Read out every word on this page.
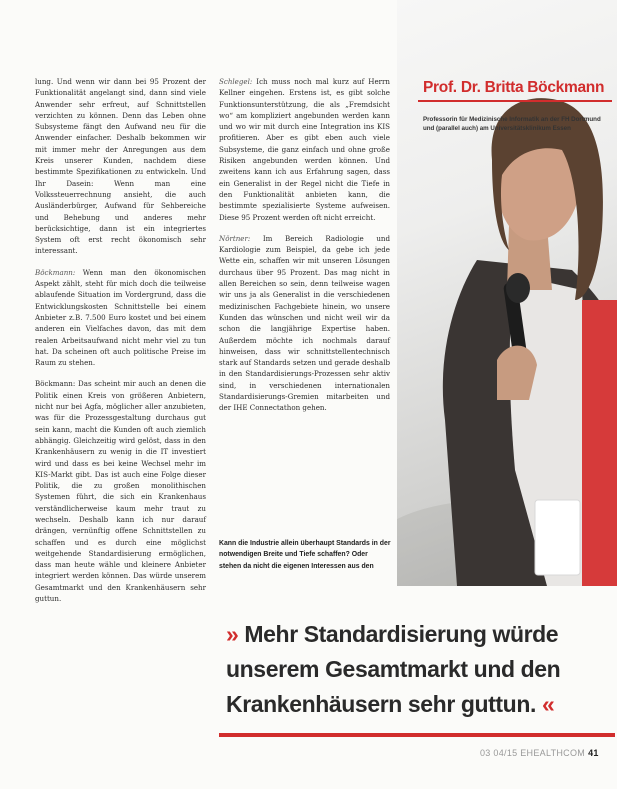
Prof. Dr. Britta Böckmann
Professorin für Medizinische Informatik an der FH Dortmund und (parallel auch) am Universitätsklinikum Essen

lung. Und wenn wir dann bei 95 Prozent der Funktionalität angelangt sind, dann sind viele Anwender sehr erfreut, auf Schnittstellen verzichten zu können. Denn das Leben ohne Subsysteme fängt den Aufwand neu für die Anwender einfacher. Deshalb bekommen wir mit immer mehr der Anregungen aus dem Kreis unserer Kunden, nachdem diese bestimmte Spezifikationen zu entwickeln. Und Ihr Dasein: Wenn man eine Volkssteuerrechnung ansieht, die auch Ausländerbürger, Aufwand für Sehbereiche und Behebung und anderes mehr berücksichtige, dann ist ein integriertes System oft erst recht ökonomisch sehr interessant.

Böckmann: Wenn man den ökonomischen Aspekt zählt, steht für mich doch die teilweise ablaufende Situation im Vordergrund, dass die Entwicklungskosten Schnittstelle bei einem Anbieter z.B. 7.500 Euro kostet und bei einem anderen ein Vielfaches davon, das mit dem realen Arbeitsaufwand nicht mehr viel zu tun hat. Da scheinen oft auch politische Preise im Raum zu stehen.

Böckmann: Das scheint mir auch an denen die Politik einen Kreis von größeren Anbietern, nicht nur bei Agfa, möglicher aller anzubieten, was für die Prozessgestaltung durchaus gut sein kann, macht die Kunden oft auch ziemlich abhängig. Gleichzeitig wird gelöst, dass in den Krankenhäusern zu wenig in die IT investiert wird und dass es bei keine Wechsel mehr im KIS-Markt gibt. Das ist auch eine Folge dieser Politik, die zu großen monolithischen Systemen führt, die sich ein Krankenhaus verständlicherweise kaum mehr traut zu wechseln. Deshalb kann ich nur darauf drängen, vernünftig offene Schnittstellen zu schaffen und es durch eine möglichst weitgehende Standardisierung ermöglichen, dass man heute wähle und kleinere Anbieter integriert werden können. Das würde unserem Gesamtmarkt und den Krankenhäusern sehr guttun.

Schlegel: Ich muss noch mal kurz auf Herrn Kellner eingehen. Erstens ist, es gibt solche Funktionsunterstützung, die als „Fremdsicht wo“ am kompliziert angebunden werden kann und wo wir mit durch eine Integration ins KIS profitieren. Aber es gibt eben auch viele Subsysteme, die ganz einfach und ohne große Risiken angebunden werden können. Und zweitens kann ich aus Erfahrung sagen, dass ein Generalist in der Regel nicht die Tiefe in den Funktionalität anbieten kann, die bestimmte spezialisierte Systeme aufweisen. Diese 95 Prozent werden oft nicht erreicht.

Nörtner: Im Bereich Radiologie und Kardiologie zum Beispiel, da gebe ich jede Wette ein, schaffen wir mit unseren Lösungen durchaus über 95 Prozent. Das mag nicht in allen Bereichen so sein, denn teilweise wagen wir uns ja als Generalist in die verschiedenen medizinischen Fachgebiete hinein, wo unsere Kunden das wünschen und nicht weil wir da schon die langjährige Expertise haben. Außerdem möchte ich nochmals darauf hinweisen, dass wir schnittstellentechnisch stark auf Standards setzen und gerade deshalb in den Standardisierungs-Prozessen sehr aktiv sind, in verschiedenen internationalen Standardisierungs-Gremien mitarbeiten und der IHE Connectathon gehen.

Kann die Industrie allein überhaupt Standards in der notwendigen Breite und Tiefe schaffen? Oder stehen da nicht die eigenen Interessen aus den
» Mehr Standardisierung würde unserem Gesamtmarkt und den Krankenhäusern sehr guttun. «
03 04/15 EHEALTHCOM 41
